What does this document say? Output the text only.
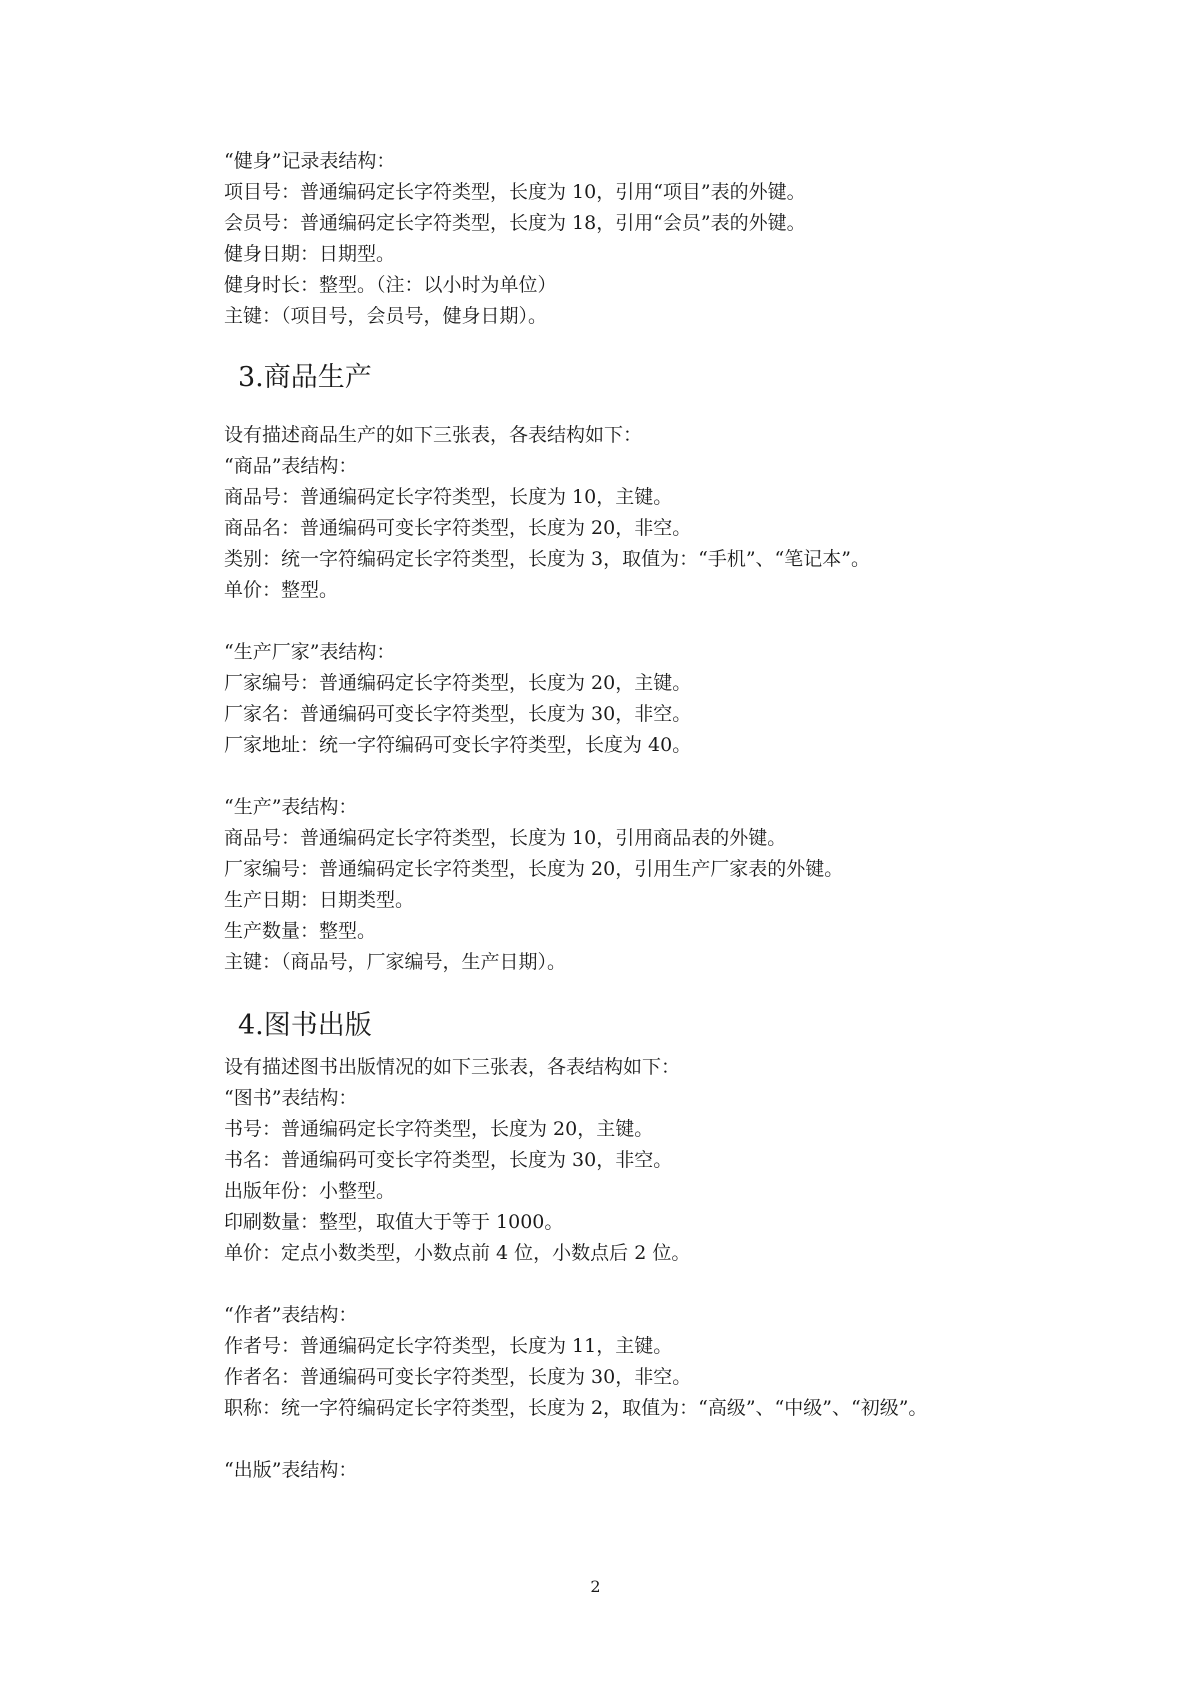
“健身”记录表结构：
项目号：普通编码定长字符类型，长度为 10，引用“项目”表的外键。
会员号：普通编码定长字符类型，长度为 18，引用“会员”表的外键。
健身日期：日期型。
健身时长：整型。（注：以小时为单位）
主键：（项目号，会员号，健身日期）。
3.商品生产
设有描述商品生产的如下三张表，各表结构如下：
“商品”表结构：
商品号：普通编码定长字符类型，长度为 10，主键。
商品名：普通编码可变长字符类型，长度为 20，非空。
类别：统一字符编码定长字符类型，长度为 3，取值为：“手机”、“笔记本”。
单价：整型。
“生产厂家”表结构：
厂家编号：普通编码定长字符类型，长度为 20，主键。
厂家名：普通编码可变长字符类型，长度为 30，非空。
厂家地址：统一字符编码可变长字符类型，长度为 40。
“生产”表结构：
商品号：普通编码定长字符类型，长度为 10，引用商品表的外键。
厂家编号：普通编码定长字符类型，长度为 20，引用生产厂家表的外键。
生产日期：日期类型。
生产数量：整型。
主键：（商品号，厂家编号，生产日期）。
4.图书出版
设有描述图书出版情况的如下三张表，各表结构如下：
“图书”表结构：
书号：普通编码定长字符类型，长度为 20，主键。
书名：普通编码可变长字符类型，长度为 30，非空。
出版年份：小整型。
印刷数量：整型，取值大于等于 1000。
单价：定点小数类型，小数点前 4 位，小数点后 2 位。
“作者”表结构：
作者号：普通编码定长字符类型，长度为 11，主键。
作者名：普通编码可变长字符类型，长度为 30，非空。
职称：统一字符编码定长字符类型，长度为 2，取值为：“高级”、“中级”、“初级”。
“出版”表结构：
2
